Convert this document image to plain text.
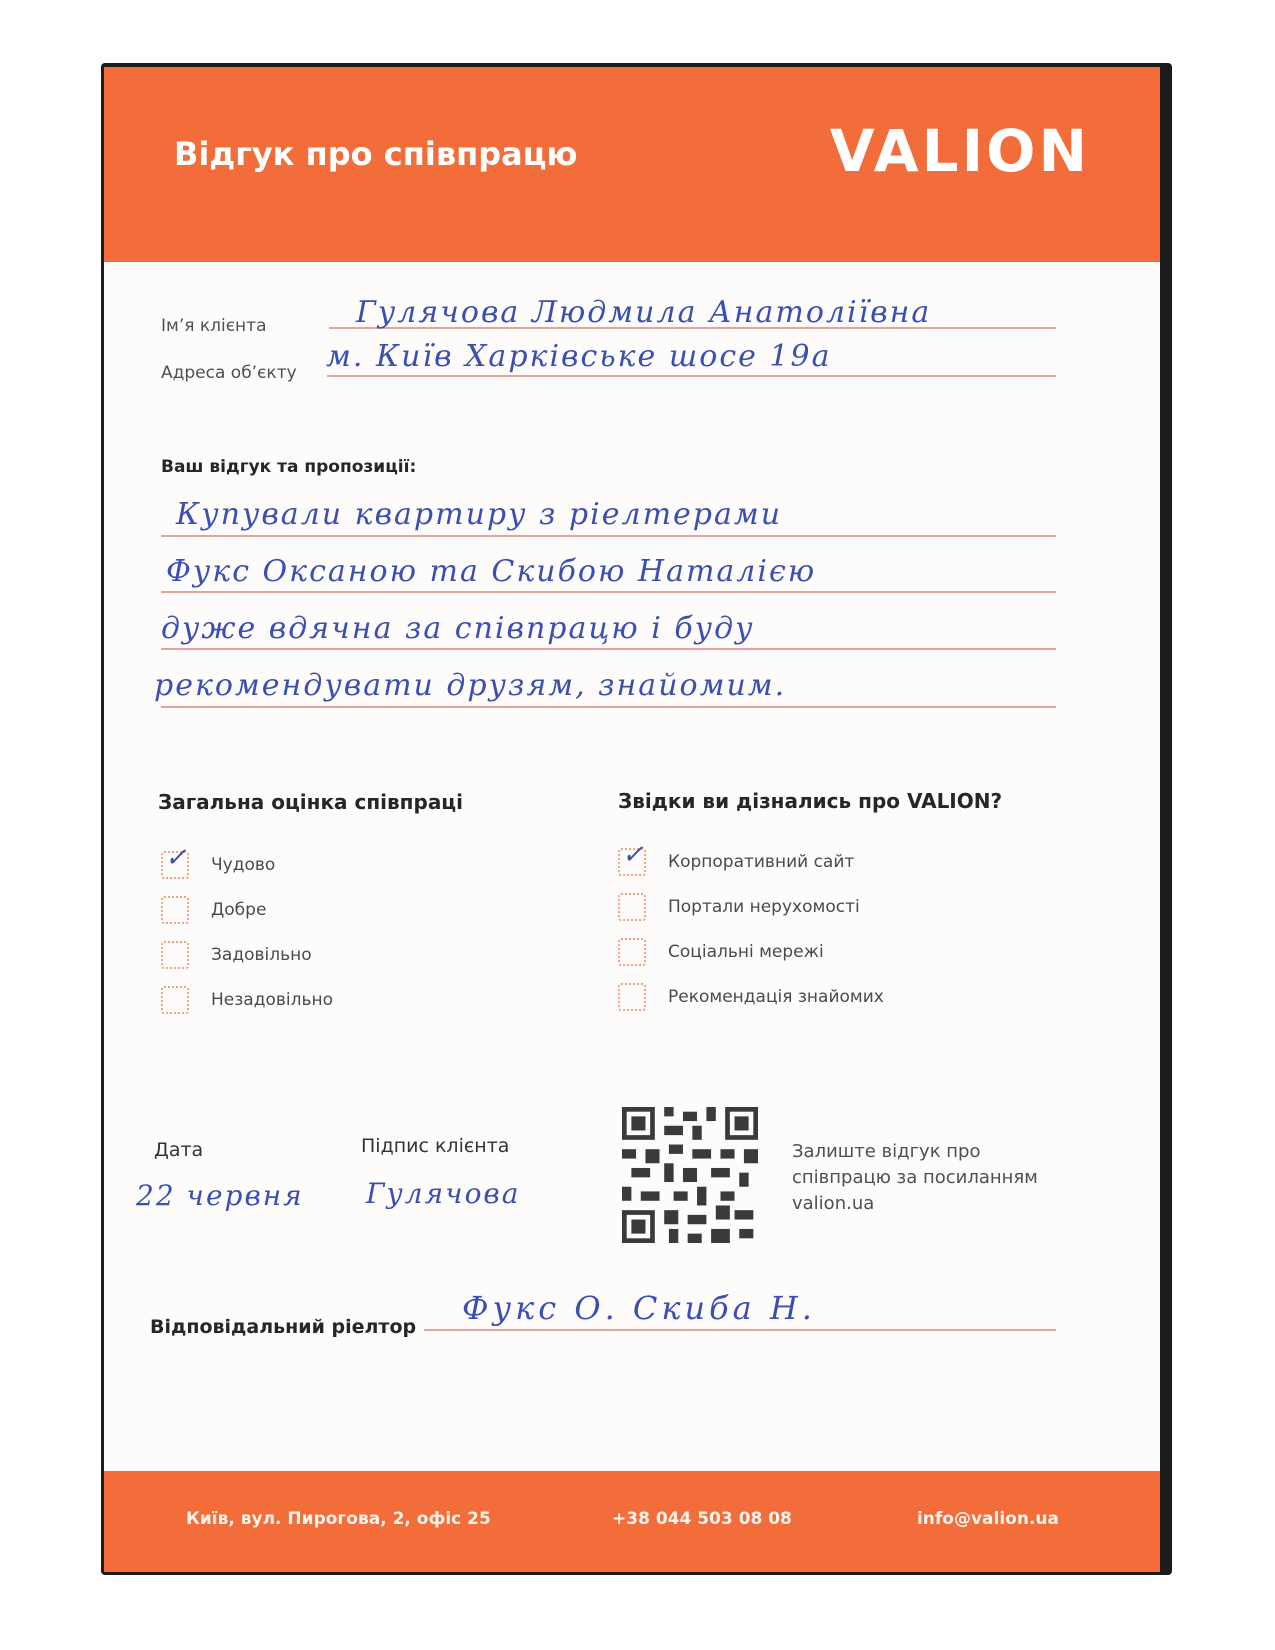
Відгук про співпрацю	VALION
Ім’я клієнта	Гулячова Людмила Анатоліївна
Адреса об’єкту м. Київ Харківське шосе 19а
Ваш відгук та пропозиції:
Купували квартиру з ріелтерами
Фукс Оксаною та Скибою Наталією
дуже вдячна за співпрацю і буду
рекомендувати друзям, знайомим.
Загальна оцінка співпраці
✓ Чудово
Добре
Задовільно
Незадовільно
Звідки ви дізнались про VALION?
✓ Корпоративний сайт
Портали нерухомості
Соціальні мережі
Рекомендація знайомих
Дата
22 червня
Підпис клієнта
Гулячова
Залиште відгук про
співпрацю за посиланням
valion.ua
Відповідальний ріелтор Фукс О. Скиба Н.
Київ, вул. Пирогова, 2, офіс 25	+38 044 503 08 08	info@valion.ua
